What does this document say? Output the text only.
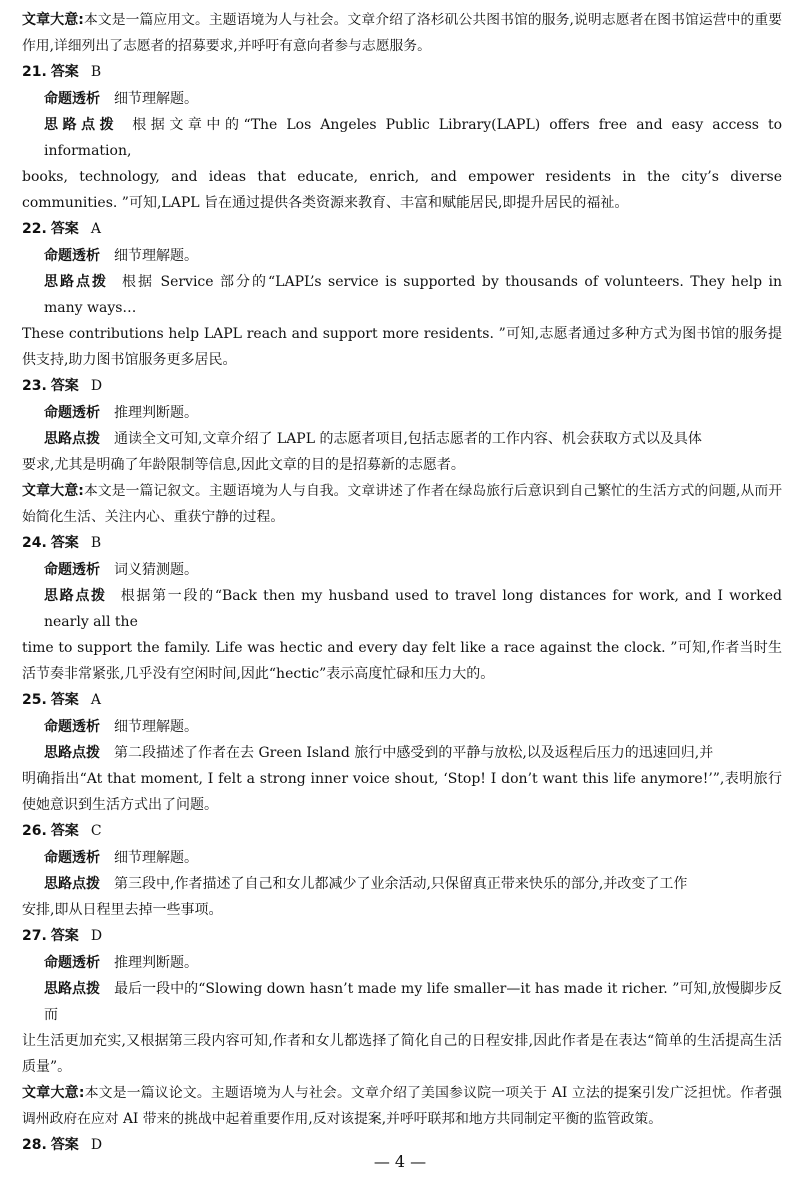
文章大意:本文是一篇应用文。主题语境为人与社会。文章介绍了洛杉矶公共图书馆的服务,说明志愿者在图书馆运营中的重要作用,详细列出了志愿者的招募要求,并呼吁有意向者参与志愿服务。
21. 答案 B
命题透析 细节理解题。
思路点拨 根据文章中的“The Los Angeles Public Library(LAPL) offers free and easy access to information,
books, technology, and ideas that educate, enrich, and empower residents in the city’s diverse communities. ”可知,LAPL 旨在通过提供各类资源来教育、丰富和赋能居民,即提升居民的福祉。
22. 答案 A
命题透析 细节理解题。
思路点拨 根据 Service 部分的“LAPL’s service is supported by thousands of volunteers. They help in many ways…
These contributions help LAPL reach and support more residents. ”可知,志愿者通过多种方式为图书馆的服务提供支持,助力图书馆服务更多居民。
23. 答案 D
命题透析 推理判断题。
思路点拨 通读全文可知,文章介绍了 LAPL 的志愿者项目,包括志愿者的工作内容、机会获取方式以及具体
要求,尤其是明确了年龄限制等信息,因此文章的目的是招募新的志愿者。
文章大意:本文是一篇记叙文。主题语境为人与自我。文章讲述了作者在绿岛旅行后意识到自己繁忙的生活方式的问题,从而开始简化生活、关注内心、重获宁静的过程。
24. 答案 B
命题透析 词义猜测题。
思路点拨 根据第一段的“Back then my husband used to travel long distances for work, and I worked nearly all the
time to support the family. Life was hectic and every day felt like a race against the clock. ”可知,作者当时生活节奏非常紧张,几乎没有空闲时间,因此“hectic”表示高度忙碌和压力大的。
25. 答案 A
命题透析 细节理解题。
思路点拨 第二段描述了作者在去 Green Island 旅行中感受到的平静与放松,以及返程后压力的迅速回归,并
明确指出“At that moment, I felt a strong inner voice shout, ‘Stop! I don’t want this life anymore!’”,表明旅行使她意识到生活方式出了问题。
26. 答案 C
命题透析 细节理解题。
思路点拨 第三段中,作者描述了自己和女儿都减少了业余活动,只保留真正带来快乐的部分,并改变了工作
安排,即从日程里去掉一些事项。
27. 答案 D
命题透析 推理判断题。
思路点拨 最后一段中的“Slowing down hasn’t made my life smaller—it has made it richer. ”可知,放慢脚步反而
让生活更加充实,又根据第三段内容可知,作者和女儿都选择了简化自己的日程安排,因此作者是在表达“简单的生活提高生活质量”。
文章大意:本文是一篇议论文。主题语境为人与社会。文章介绍了美国参议院一项关于 AI 立法的提案引发广泛担忧。作者强调州政府在应对 AI 带来的挑战中起着重要作用,反对该提案,并呼吁联邦和地方共同制定平衡的监管政策。
28. 答案 D
— 4 —
